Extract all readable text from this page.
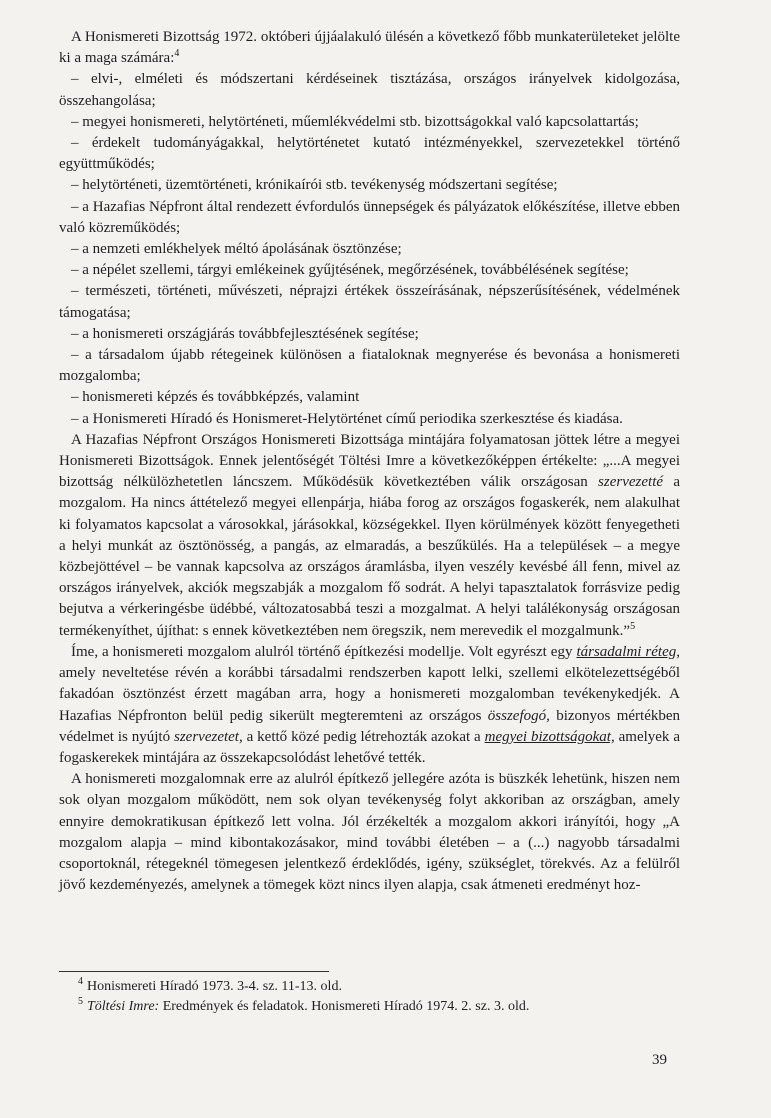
A Honismereti Bizottság 1972. októberi újjáalakuló ülésén a következő főbb munkaterületeket jelölte ki a maga számára:$^4$

– elvi-, elméleti és módszertani kérdéseinek tisztázása, országos irányelvek kidolgozása, összehangolása;

– megyei honismereti, helytörténeti, műemlékvédelmi stb. bizottságokkal való kapcsolattartás;

– érdekelt tudományágakkal, helytörténetet kutató intézményekkel, szervezetekkel történő együttműködés;

– helytörténeti, üzemtörténeti, krónikaírói stb. tevékenység módszertani segítése;

– a Hazafias Népfront által rendezett évfordulós ünnepségek és pályázatok előkészítése, illetve ebben való közreműködés;

– a nemzeti emlékhelyek méltó ápolásának ösztönzése;

– a népélet szellemi, tárgyi emlékeinek gyűjtésének, megőrzésének, továbbélésének segítése;

– természeti, történeti, művészeti, néprajzi értékek összeírásának, népszerűsítésének, védelmének támogatása;

– a honismereti országjárás továbbfejlesztésének segítése;

– a társadalom újabb rétegeinek különösen a fiataloknak megnyerése és bevonása a honismereti mozgalomba;

– honismereti képzés és továbbképzés, valamint

– a Honismereti Híradó és Honismeret-Helytörténet című periodika szerkesztése és kiadása.

A Hazafias Népfront Országos Honismereti Bizottsága mintájára folyamatosan jöttek létre a megyei Honismereti Bizottságok. Ennek jelentőségét Töltési Imre a következőképpen értékelte: „...A megyei bizottság nélkülözhetetlen láncszem. Működésük következtében válik országosan szervezetté a mozgalom. Ha nincs áttételező megyei ellenpárja, hiába forog az országos fogaskerék, nem alakulhat ki folyamatos kapcsolat a városokkal, járásokkal, községekkel. Ilyen körülmények között fenyegetheti a helyi munkát az ösztönösség, a pangás, az elmaradás, a beszűkülés. Ha a települések – a megye közbejöttével – be vannak kapcsolva az országos áramlásba, ilyen veszély kevésbé áll fenn, mivel az országos irányelvek, akciók megszabják a mozgalom fő sodrát. A helyi tapasztalatok forrásvize pedig bejutva a vérkeringésbe üdébbé, változatosabbá teszi a mozgalmat. A helyi találékonyság országosan termékenyíthet, újíthat: s ennek következtében nem öregszik, nem merevedik el mozgalmunk.”$^5$

Íme, a honismereti mozgalom alulról történő építkezési modellje. Volt egyrészt egy társadalmi réteg, amely neveltetése révén a korábbi társadalmi rendszerben kapott lelki, szellemi elkötelezettségéből fakadóan ösztönzést érzett magában arra, hogy a honismereti mozgalomban tevékenykedjék. A Hazafias Népfronton belül pedig sikerült megteremteni az országos összefogó, bizonyos mértékben védelmet is nyújtó szervezetet, a kettő közé pedig létrehozták azokat a megyei bizottságokat, amelyek a fogaskerekek mintájára az összekapcsolódást lehetővé tették.

A honismereti mozgalomnak erre az alulról építkező jellegére azóta is büszkék lehetünk, hiszen nem sok olyan mozgalom működött, nem sok olyan tevékenység folyt akkoriban az országban, amely ennyire demokratikusan építkező lett volna. Jól érzékelték a mozgalom akkori irányítói, hogy „A mozgalom alapja – mind kibontakozásakor, mind további életében – a (...) nagyobb társadalmi csoportoknál, rétegeknél tömegesen jelentkező érdeklődés, igény, szükséglet, törekvés. Az a felülről jövő kezdeményezés, amelynek a tömegek közt nincs ilyen alapja, csak átmeneti eredményt hoz-

$^4$ Honismereti Híradó 1973. 3-4. sz. 11-13. old.

$^5$ Töltési Imre: Eredmények és feladatok. Honismereti Híradó 1974. 2. sz. 3. old.

39
